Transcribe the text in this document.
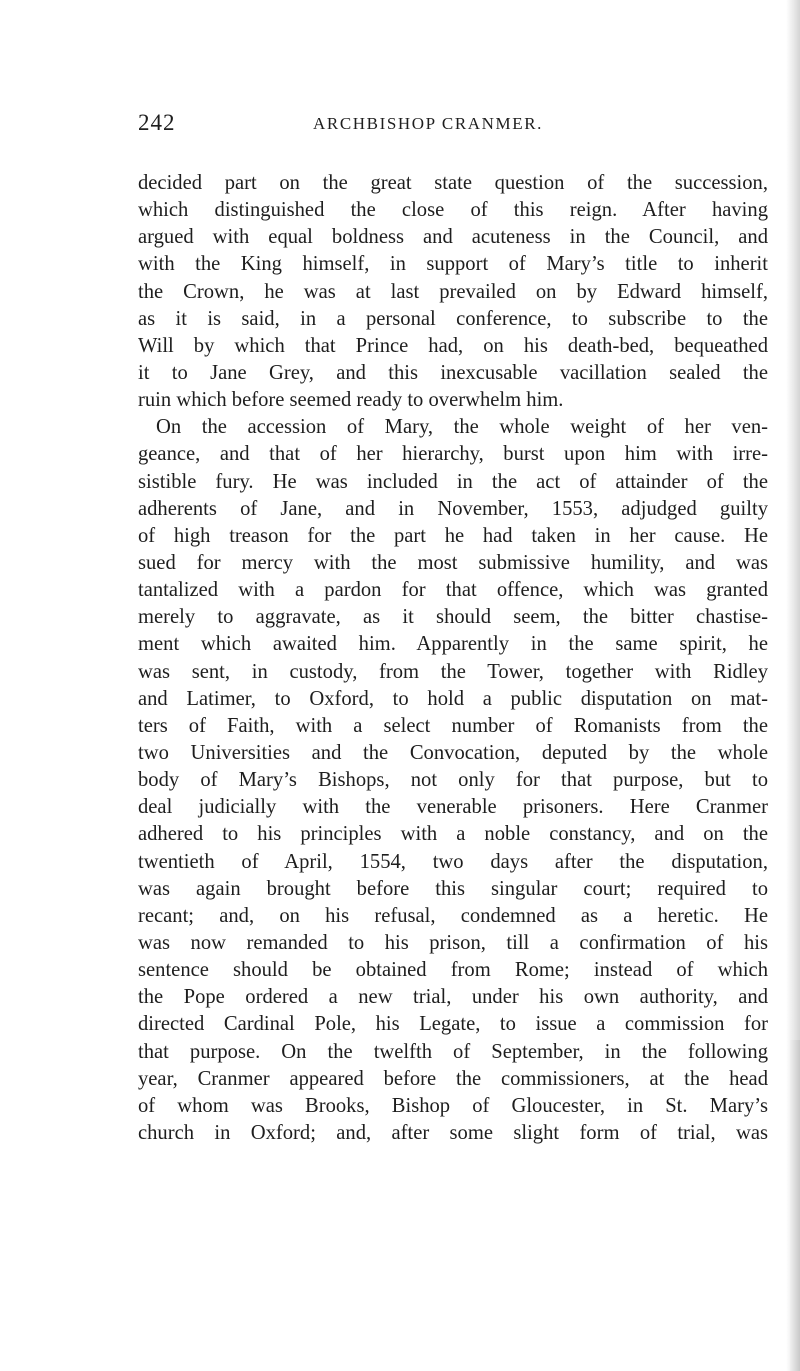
242	ARCHBISHOP CRANMER.
decided part on the great state question of the succession,
which distinguished the close of this reign. After having
argued with equal boldness and acuteness in the Council, and
with the King himself, in support of Mary’s title to inherit
the Crown, he was at last prevailed on by Edward himself,
as it is said, in a personal conference, to subscribe to the
Will by which that Prince had, on his death-bed, bequeathed
it to Jane Grey, and this inexcusable vacillation sealed the
ruin which before seemed ready to overwhelm him.
On the accession of Mary, the whole weight of her ven-
geance, and that of her hierarchy, burst upon him with irre-
sistible fury. He was included in the act of attainder of the
adherents of Jane, and in November, 1553, adjudged guilty
of high treason for the part he had taken in her cause. He
sued for mercy with the most submissive humility, and was
tantalized with a pardon for that offence, which was granted
merely to aggravate, as it should seem, the bitter chastise-
ment which awaited him. Apparently in the same spirit, he
was sent, in custody, from the Tower, together with Ridley
and Latimer, to Oxford, to hold a public disputation on mat-
ters of Faith, with a select number of Romanists from the
two Universities and the Convocation, deputed by the whole
body of Mary’s Bishops, not only for that purpose, but to
deal judicially with the venerable prisoners. Here Cranmer
adhered to his principles with a noble constancy, and on the
twentieth of April, 1554, two days after the disputation,
was again brought before this singular court; required to
recant; and, on his refusal, condemned as a heretic. He
was now remanded to his prison, till a confirmation of his
sentence should be obtained from Rome; instead of which
the Pope ordered a new trial, under his own authority, and
directed Cardinal Pole, his Legate, to issue a commission for
that purpose. On the twelfth of September, in the following
year, Cranmer appeared before the commissioners, at the head
of whom was Brooks, Bishop of Gloucester, in St. Mary’s
church in Oxford; and, after some slight form of trial, was
